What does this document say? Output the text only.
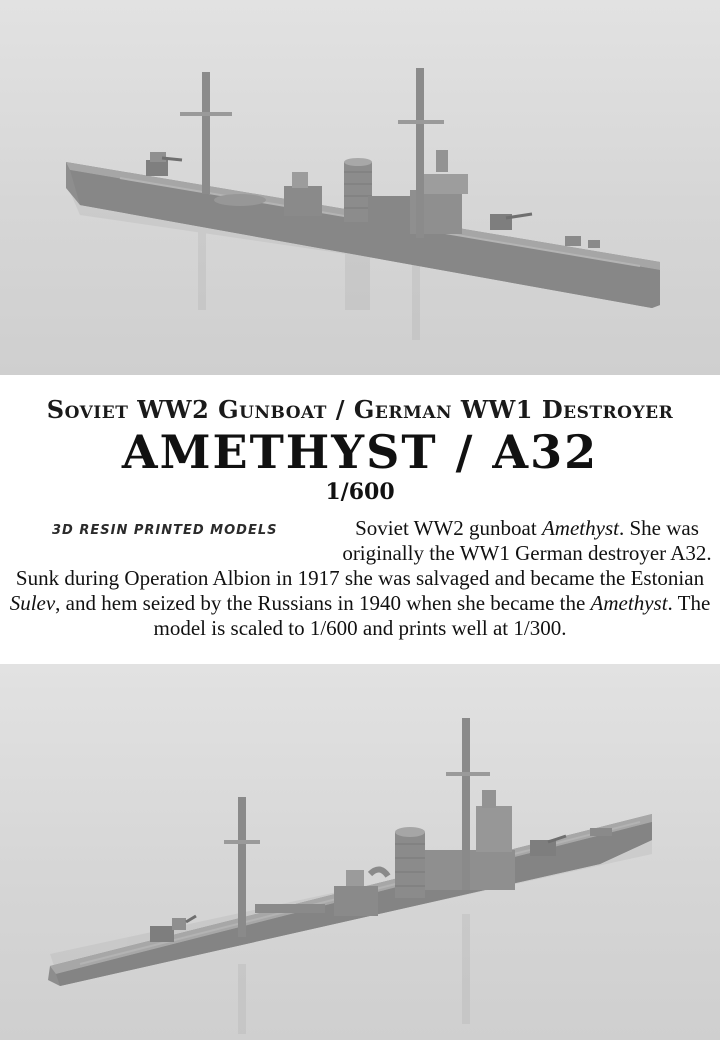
Soviet WW2 Gunboat / German WW1 Destroyer
AMETHYST / A32
1/600
3D RESIN PRINTED MODELS	Soviet WW2 gunboat Amethyst. She was originally the WW1 German destroyer A32. Sunk during Operation Albion in 1917 she was salvaged and became the Estonian Sulev, and hem seized by the Russians in 1940 when she became the Amethyst. The model is scaled to 1/600 and prints well at 1/300.
